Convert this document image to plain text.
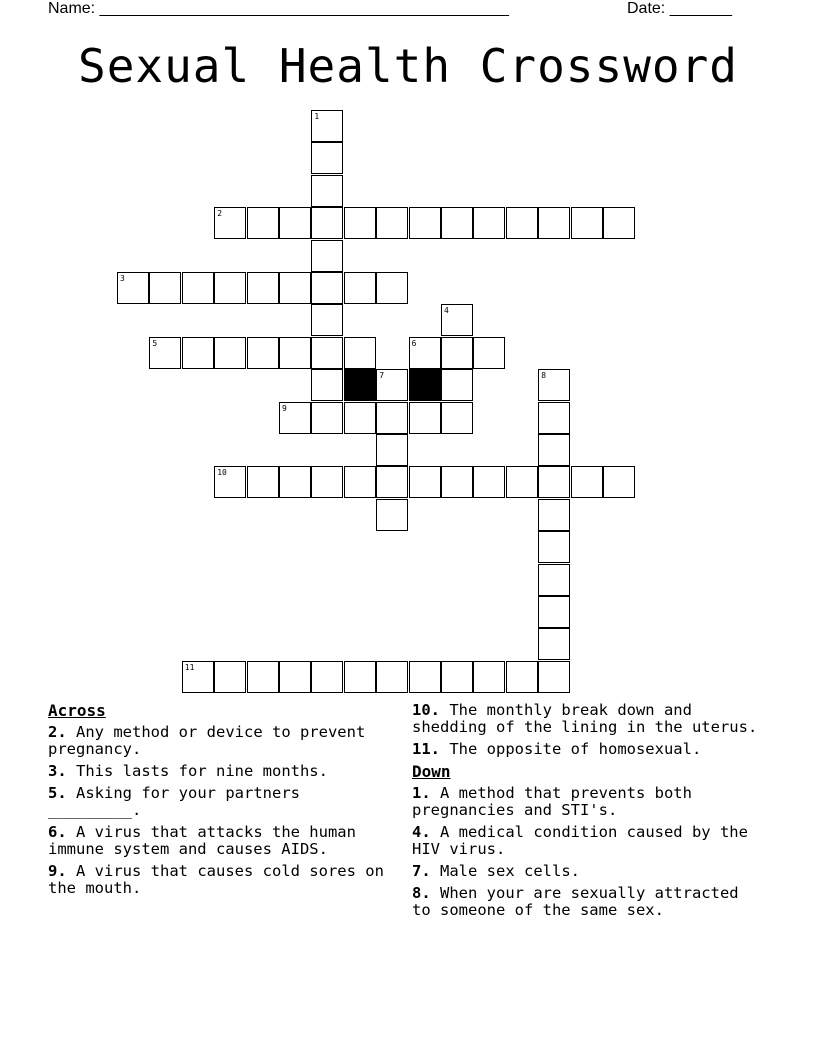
Name: ______________________________________________	Date: _______
Sexual Health Crossword
1
2
3
4
5	6
7	8
9
10
11
Across
2. Any method or device to prevent pregnancy.
3. This lasts for nine months.
5. Asking for your partners _________.
6. A virus that attacks the human immune system and causes AIDS.
9. A virus that causes cold sores on the mouth.
10. The monthly break down and shedding of the lining in the uterus.
11. The opposite of homosexual.
Down
1. A method that prevents both pregnancies and STI's.
4. A medical condition caused by the HIV virus.
7. Male sex cells.
8. When your are sexually attracted to someone of the same sex.
